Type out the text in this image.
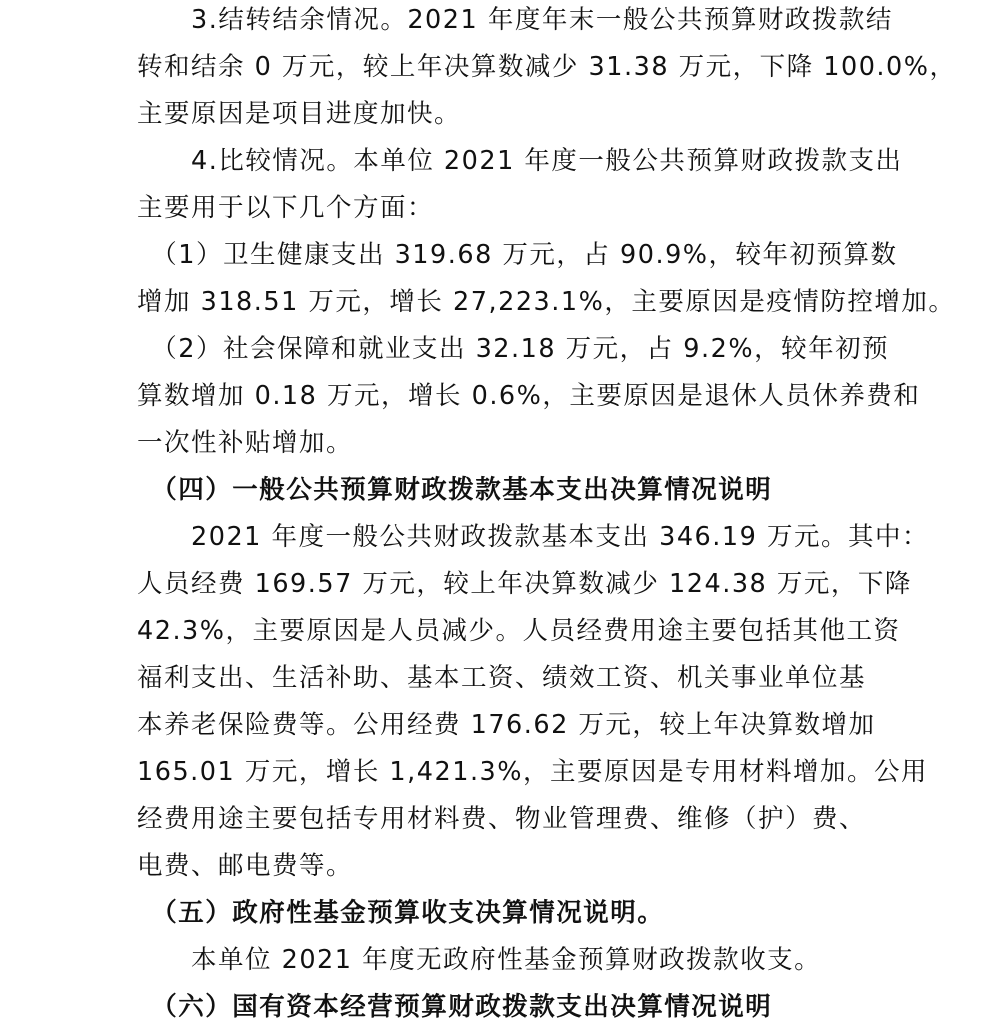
　　3.结转结余情况。2021 年度年末一般公共预算财政拨款结
转和结余 0 万元，较上年决算数减少 31.38 万元，下降 100.0%，
主要原因是项目进度加快。
　　4.比较情况。本单位 2021 年度一般公共预算财政拨款支出
主要用于以下几个方面：
　（1）卫生健康支出 319.68 万元，占 90.9%，较年初预算数
增加 318.51 万元，增长 27,223.1%，主要原因是疫情防控增加。
　（2）社会保障和就业支出 32.18 万元，占 9.2%，较年初预
算数增加 0.18 万元，增长 0.6%，主要原因是退休人员休养费和
一次性补贴增加。
　（四）一般公共预算财政拨款基本支出决算情况说明
　　2021 年度一般公共财政拨款基本支出 346.19 万元。其中：
人员经费 169.57 万元，较上年决算数减少 124.38 万元，下降
42.3%，主要原因是人员减少。人员经费用途主要包括其他工资
福利支出、生活补助、基本工资、绩效工资、机关事业单位基
本养老保险费等。公用经费 176.62 万元，较上年决算数增加
165.01 万元，增长 1,421.3%，主要原因是专用材料增加。公用
经费用途主要包括专用材料费、物业管理费、维修（护）费、
电费、邮电费等。
　（五）政府性基金预算收支决算情况说明。
　　本单位 2021 年度无政府性基金预算财政拨款收支。
　（六）国有资本经营预算财政拨款支出决算情况说明
